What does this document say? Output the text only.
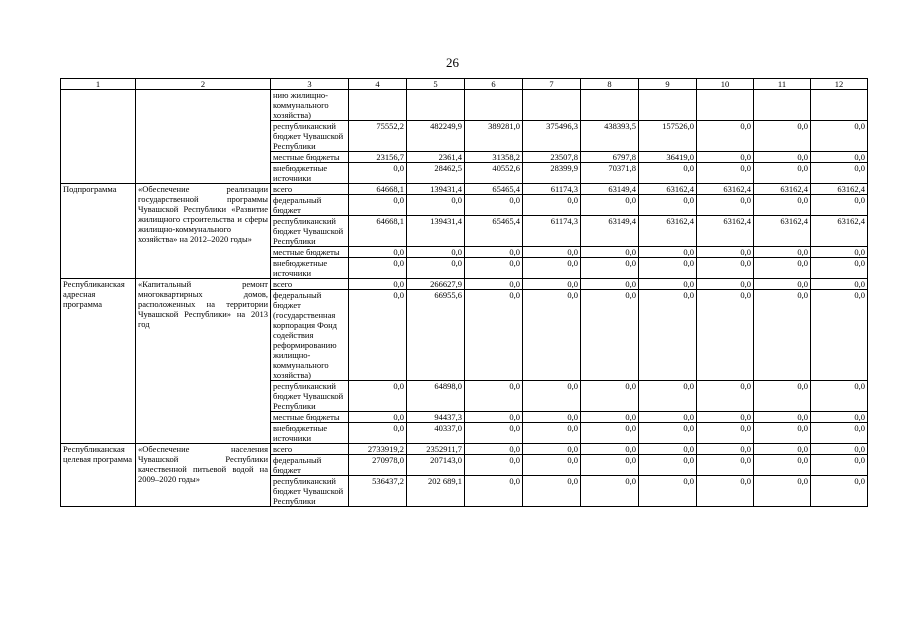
26
1	2	3	4	5	6	7	8	9	10	11	12
		нию жилищно-коммунального хозяйства)									
		республиканский бюджет Чувашской Республики	75552,2	482249,9	389281,0	375496,3	438393,5	157526,0	0,0	0,0	0,0
		местные бюджеты	23156,7	2361,4	31358,2	23507,8	6797,8	36419,0	0,0	0,0	0,0
		внебюджетные источники	0,0	28462,5	40552,6	28399,9	70371,8	0,0	0,0	0,0	0,0
Подпрограмма	«Обеспечение реализации государственной программы Чувашской Республики «Развитие жилищного строительства и сферы жилищно-коммунального хозяйства» на 2012–2020 годы»	всего	64668,1	139431,4	65465,4	61174,3	63149,4	63162,4	63162,4	63162,4	63162,4
		федеральный бюджет	0,0	0,0	0,0	0,0	0,0	0,0	0,0	0,0	0,0
		республиканский бюджет Чувашской Республики	64668,1	139431,4	65465,4	61174,3	63149,4	63162,4	63162,4	63162,4	63162,4
		местные бюджеты	0,0	0,0	0,0	0,0	0,0	0,0	0,0	0,0	0,0
		внебюджетные источники	0,0	0,0	0,0	0,0	0,0	0,0	0,0	0,0	0,0
Республиканская адресная программа	«Капитальный ремонт многоквартирных домов, расположенных на территории Чувашской Республики» на 2013 год	всего	0,0	266627,9	0,0	0,0	0,0	0,0	0,0	0,0	0,0
		федеральный бюджет (государственная корпорация Фонд содействия реформированию жилищно-коммунального хозяйства)	0,0	66955,6	0,0	0,0	0,0	0,0	0,0	0,0	0,0
		республиканский бюджет Чувашской Республики	0,0	64898,0	0,0	0,0	0,0	0,0	0,0	0,0	0,0
		местные бюджеты	0,0	94437,3	0,0	0,0	0,0	0,0	0,0	0,0	0,0
		внебюджетные источники	0,0	40337,0	0,0	0,0	0,0	0,0	0,0	0,0	0,0
Республиканская целевая программа	«Обеспечение населения Чувашской Республики качественной питьевой водой на 2009–2020 годы»	всего	2733919,2	2352911,7	0,0	0,0	0,0	0,0	0,0	0,0	0,0
		федеральный бюджет	270978,0	207143,0	0,0	0,0	0,0	0,0	0,0	0,0	0,0
		республиканский бюджет Чувашской Республики	536437,2	202 689,1	0,0	0,0	0,0	0,0	0,0	0,0	0,0
